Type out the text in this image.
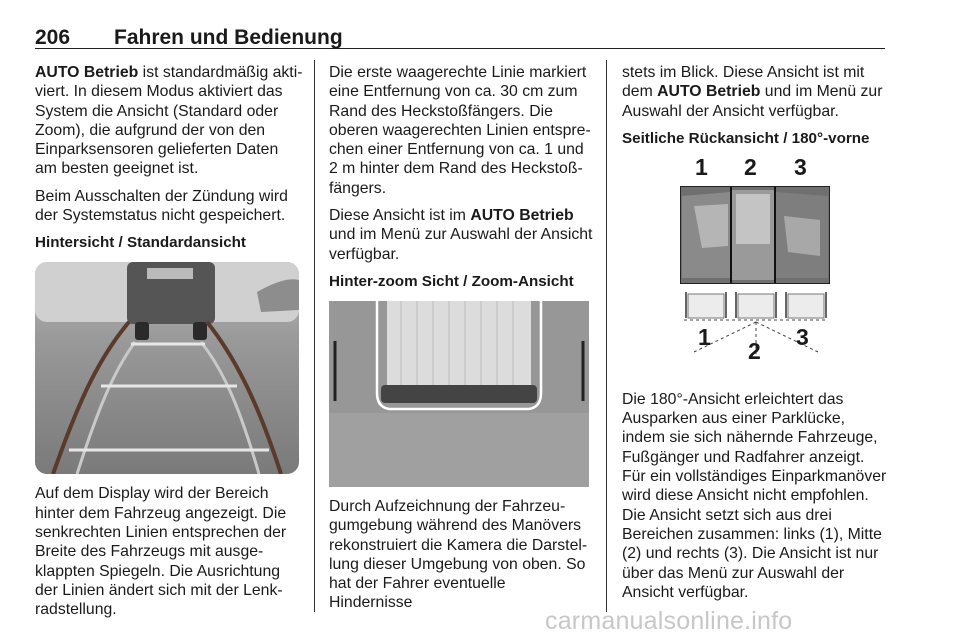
206 Fahren und Bedienung

AUTO Betrieb ist standardmäßig aktiviert. In diesem Modus aktiviert das System die Ansicht (Standard oder Zoom), die aufgrund der von den Einparksensoren gelieferten Daten am besten geeignet ist.

Beim Ausschalten der Zündung wird der Systemstatus nicht gespeichert.

Hintersicht / Standardansicht

Auf dem Display wird der Bereich hinter dem Fahrzeug angezeigt. Die senkrechten Linien entsprechen der Breite des Fahrzeugs mit ausgeklappten Spiegeln. Die Ausrichtung der Linien ändert sich mit der Lenkradstellung.

Die erste waagerechte Linie markiert eine Entfernung von ca. 30 cm zum Rand des Heckstoßfängers. Die oberen waagerechten Linien entsprechen einer Entfernung von ca. 1 und 2 m hinter dem Rand des Heckstoßfängers.

Diese Ansicht ist im AUTO Betrieb und im Menü zur Auswahl der Ansicht verfügbar.

Hinter-zoom Sicht / Zoom-Ansicht

Durch Aufzeichnung der Fahrzeugumgebung während des Manövers rekonstruiert die Kamera die Darstellung dieser Umgebung von oben. So hat der Fahrer eventuelle Hindernisse

stets im Blick. Diese Ansicht ist mit dem AUTO Betrieb und im Menü zur Auswahl der Ansicht verfügbar.

Seitliche Rückansicht / 180°-vorne
1 2 3
1
2
3

Die 180°-Ansicht erleichtert das Ausparken aus einer Parklücke, indem sie sich nähernde Fahrzeuge, Fußgänger und Radfahrer anzeigt. Für ein vollständiges Einparkmanöver wird diese Ansicht nicht empfohlen. Die Ansicht setzt sich aus drei Bereichen zusammen: links (1), Mitte (2) und rechts (3). Die Ansicht ist nur über das Menü zur Auswahl der Ansicht verfügbar.

carmanualsonline.info
